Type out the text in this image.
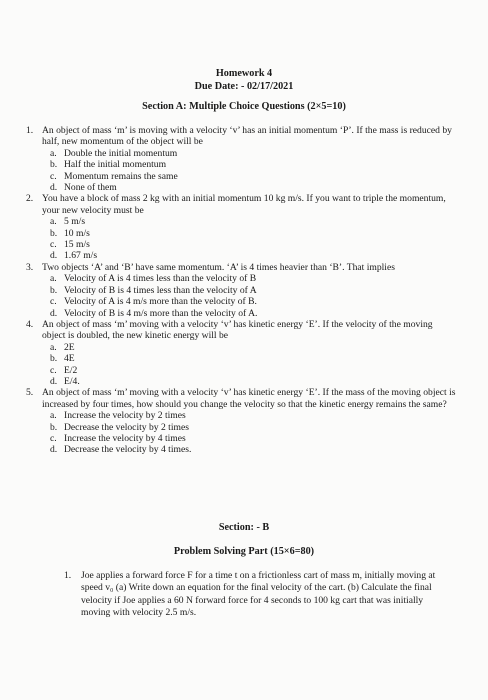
Homework 4
Due Date: - 02/17/2021
Section A: Multiple Choice Questions (2×5=10)
1. An object of mass ‘m’ is moving with a velocity ‘v’ has an initial momentum ‘P’. If the mass is reduced by half, new momentum of the object will be
a. Double the initial momentum
b. Half the initial momentum
c. Momentum remains the same
d. None of them
2. You have a block of mass 2 kg with an initial momentum 10 kg m/s. If you want to triple the momentum, your new velocity must be
a. 5 m/s
b. 10 m/s
c. 15 m/s
d. 1.67 m/s
3. Two objects ‘A’ and ‘B’ have same momentum. ‘A’ is 4 times heavier than ‘B’. That implies
a. Velocity of A is 4 times less than the velocity of B
b. Velocity of B is 4 times less than the velocity of A
c. Velocity of A is 4 m/s more than the velocity of B.
d. Velocity of B is 4 m/s more than the velocity of A.
4. An object of mass ‘m’ moving with a velocity ‘v’ has kinetic energy ‘E’. If the velocity of the moving object is doubled, the new kinetic energy will be
a. 2E
b. 4E
c. E/2
d. E/4.
5. An object of mass ‘m’ moving with a velocity ‘v’ has kinetic energy ‘E’. If the mass of the moving object is increased by four times, how should you change the velocity so that the kinetic energy remains the same?
a. Increase the velocity by 2 times
b. Decrease the velocity by 2 times
c. Increase the velocity by 4 times
d. Decrease the velocity by 4 times.
Section: - B
Problem Solving Part (15×6=80)
1.	Joe applies a forward force F for a time t on a frictionless cart of mass m, initially moving at speed v₀ (a) Write down an equation for the final velocity of the cart. (b) Calculate the final velocity if Joe applies a 60 N forward force for 4 seconds to 100 kg cart that was initially moving with velocity 2.5 m/s.
